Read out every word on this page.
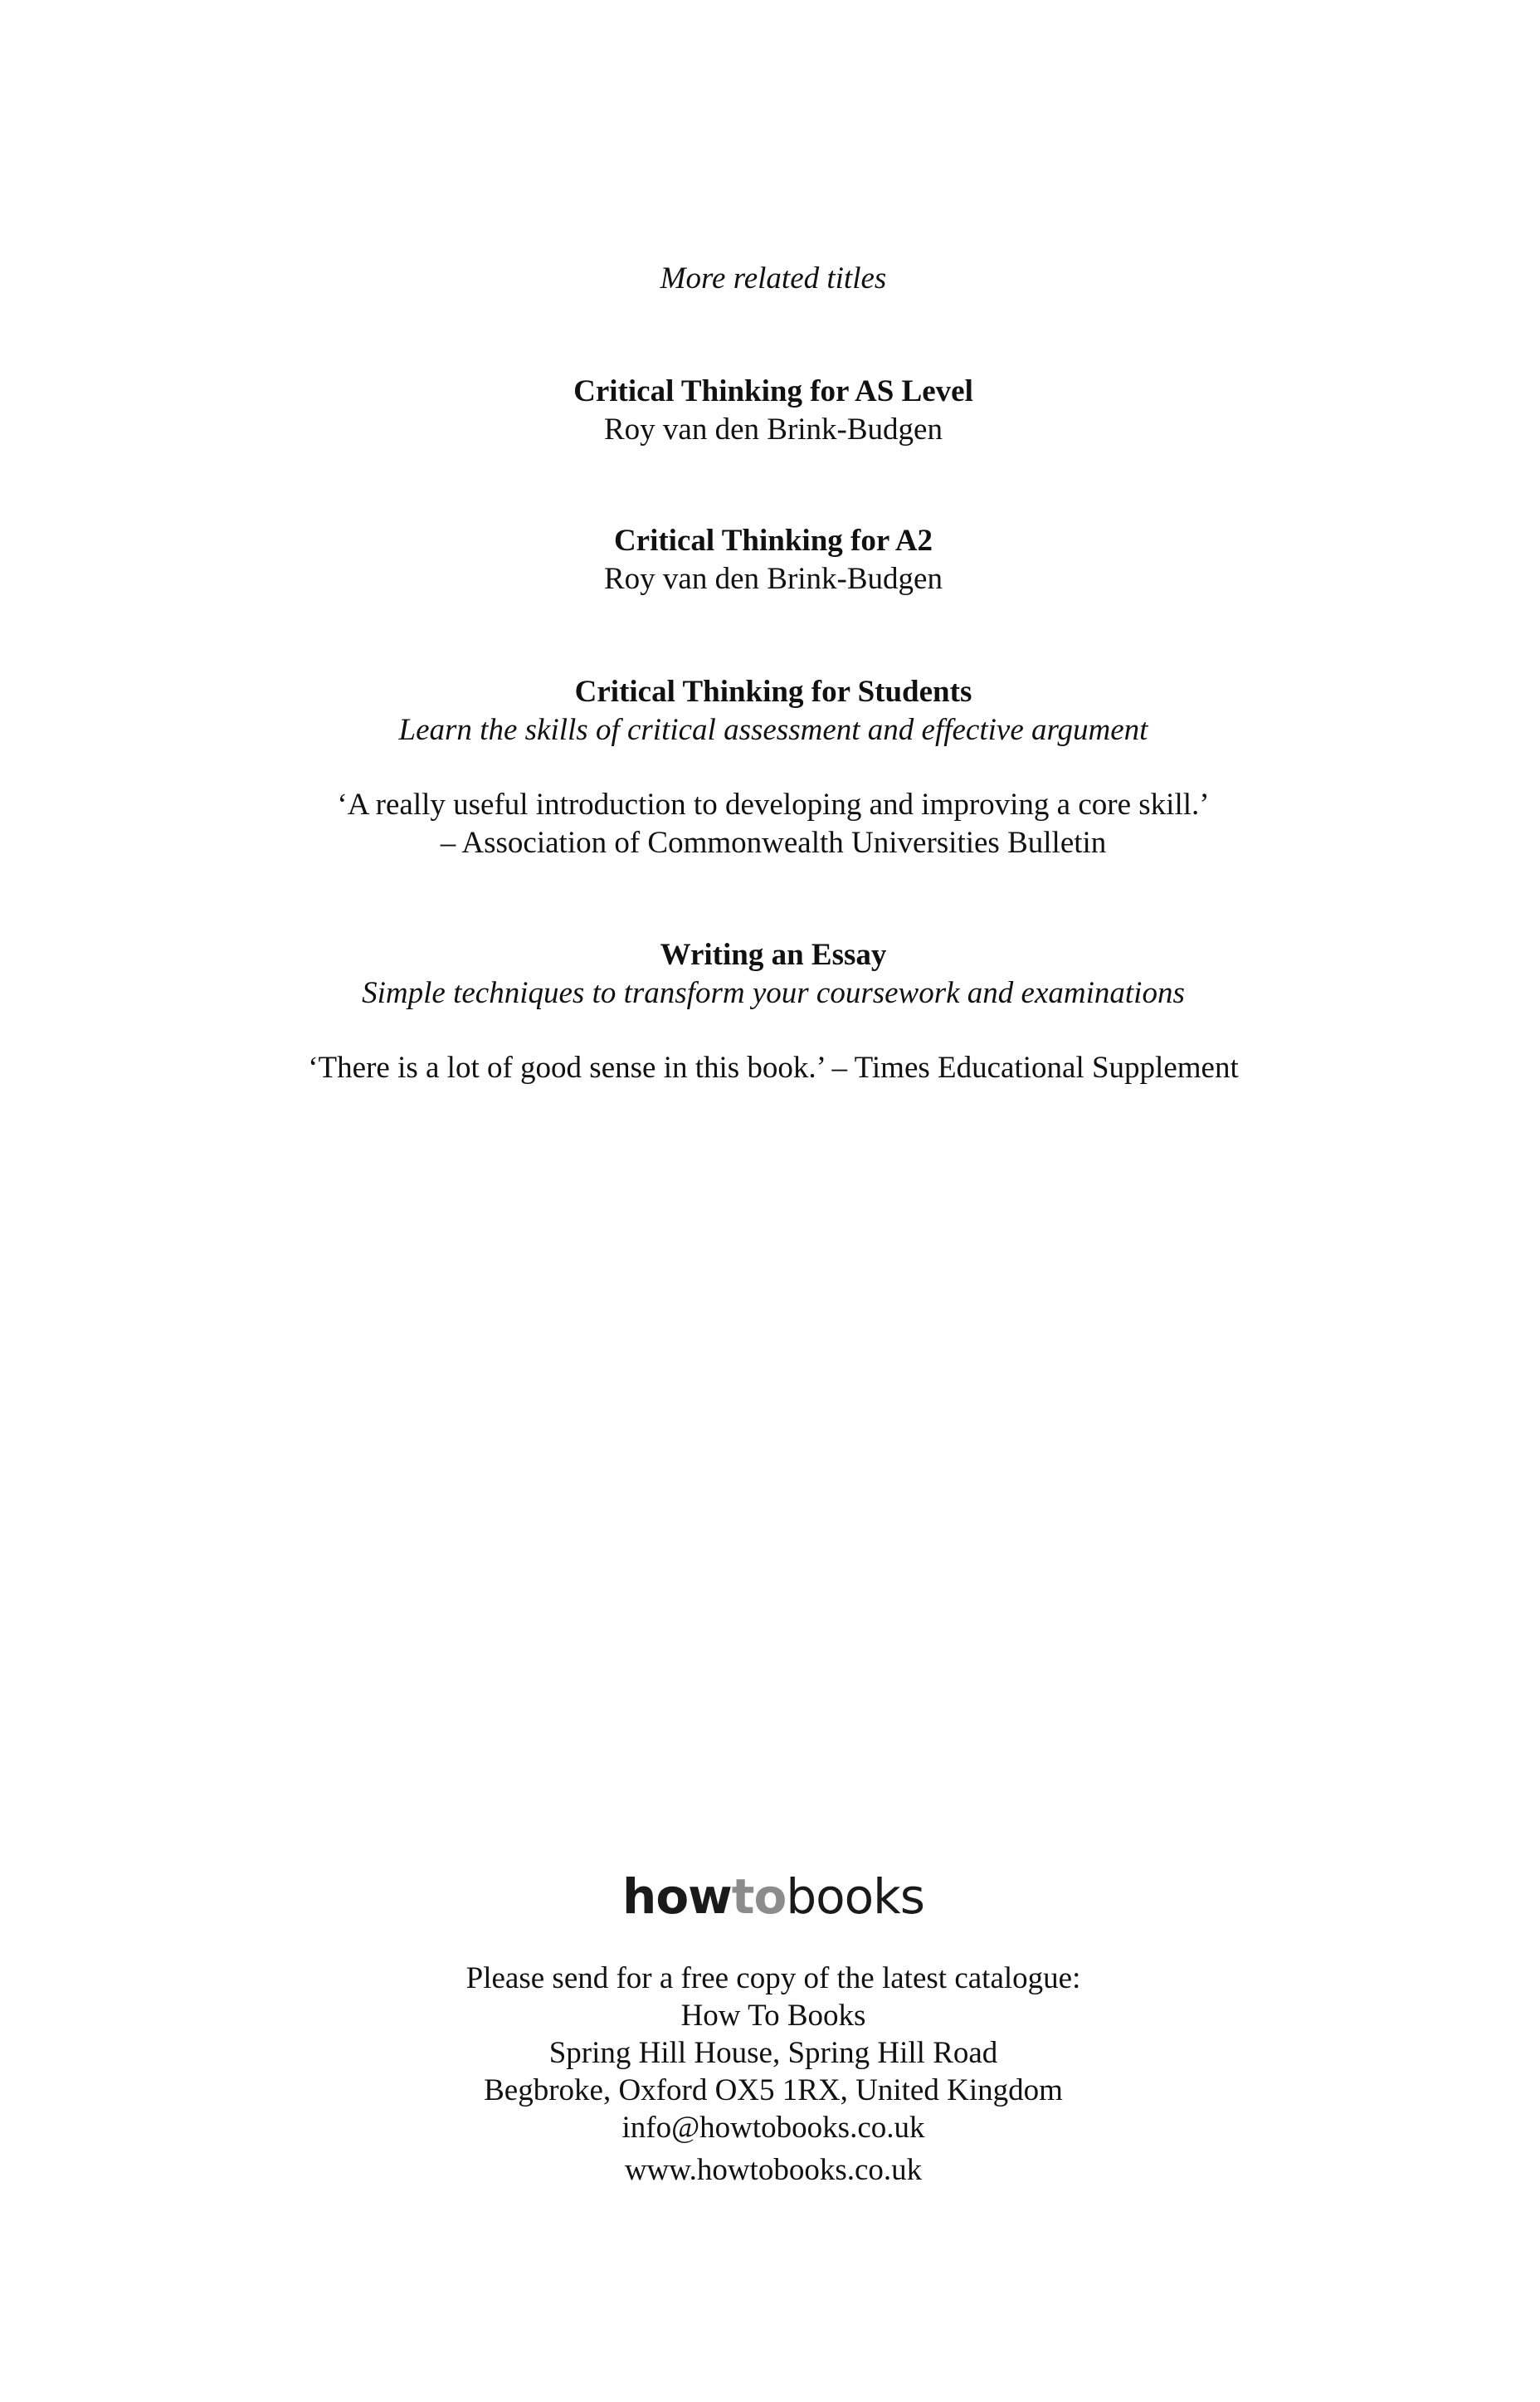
More related titles
Critical Thinking for AS Level
Roy van den Brink-Budgen
Critical Thinking for A2
Roy van den Brink-Budgen
Critical Thinking for Students
Learn the skills of critical assessment and effective argument
‘A really useful introduction to developing and improving a core skill.’
– Association of Commonwealth Universities Bulletin
Writing an Essay
Simple techniques to transform your coursework and examinations
‘There is a lot of good sense in this book.’ – Times Educational Supplement
howtobooks
Please send for a free copy of the latest catalogue:
How To Books
Spring Hill House, Spring Hill Road
Begbroke, Oxford OX5 1RX, United Kingdom
info@howtobooks.co.uk
www.howtobooks.co.uk
